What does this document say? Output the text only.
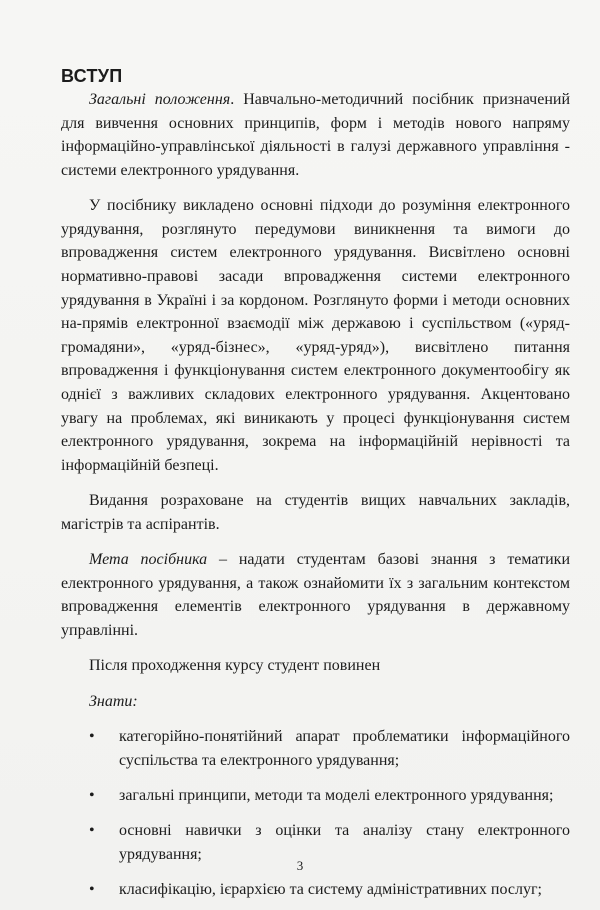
ВСТУП

Загальні положення. Навчально-методичний посібник призначений для вивчення основних принципів, форм і методів нового напряму інформаційно-управлінської діяльності в галузі державного управління - системи електронного урядування.

У посібнику викладено основні підходи до розуміння електронного урядування, розглянуто передумови виникнення та вимоги до впровадження систем електронного урядування. Висвітлено основні нормативно-правові засади впровадження системи електронного урядування в Україні і за кордоном. Розглянуто форми і методи основних на-прямів електронної взаємодії між державою і суспільством («уряд-громадяни», «уряд-бізнес», «уряд-уряд»), висвітлено питання впровадження і функціонування систем електронного документообігу як однієї з важливих складових електронного урядування. Акцентовано увагу на проблемах, які виникають у процесі функціонування систем електронного урядування, зокрема на інформаційній нерівності та інформаційній безпеці.

Видання розраховане на студентів вищих навчальних закладів, магістрів та аспірантів.

Мета посібника – надати студентам базові знання з тематики електронного урядування, а також ознайомити їх з загальним контекстом впровадження елементів електронного урядування в державному управлінні.

Після проходження курсу студент повинен

Знати:

• категорійно-понятійний апарат проблематики інформаційного суспільства та електронного урядування;
• загальні принципи, методи та моделі електронного урядування;
• основні навички з оцінки та аналізу стану електронного урядування;
• класифікацію, ієрархією та систему адміністративних послуг;
3
